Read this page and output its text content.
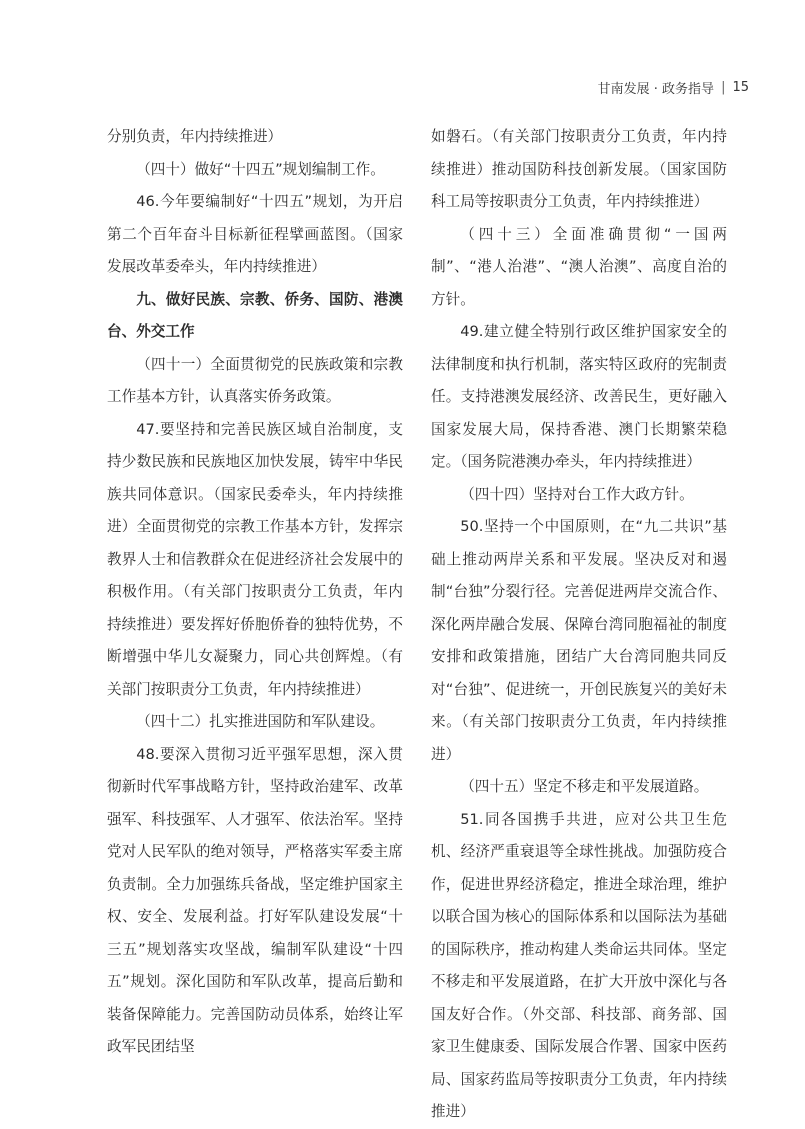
甘南发展 · 政务指导 | 15

分别负责，年内持续推进）

（四十）做好“十四五”规划编制工作。

46.今年要编制好“十四五”规划，为开启第二个百年奋斗目标新征程擘画蓝图。（国家发展改革委牵头，年内持续推进）

九、做好民族、宗教、侨务、国防、港澳台、外交工作

（四十一）全面贯彻党的民族政策和宗教工作基本方针，认真落实侨务政策。

47.要坚持和完善民族区域自治制度，支持少数民族和民族地区加快发展，铸牢中华民族共同体意识。（国家民委牵头，年内持续推进）全面贯彻党的宗教工作基本方针，发挥宗教界人士和信教群众在促进经济社会发展中的积极作用。（有关部门按职责分工负责，年内持续推进）要发挥好侨胞侨眷的独特优势，不断增强中华儿女凝聚力，同心共创辉煌。（有关部门按职责分工负责，年内持续推进）

（四十二）扎实推进国防和军队建设。

48.要深入贯彻习近平强军思想，深入贯彻新时代军事战略方针，坚持政治建军、改革强军、科技强军、人才强军、依法治军。坚持党对人民军队的绝对领导，严格落实军委主席负责制。全力加强练兵备战，坚定维护国家主权、安全、发展利益。打好军队建设发展“十三五”规划落实攻坚战，编制军队建设“十四五”规划。深化国防和军队改革，提高后勤和装备保障能力。完善国防动员体系，始终让军政军民团结坚

如磐石。（有关部门按职责分工负责，年内持续推进）推动国防科技创新发展。（国家国防科工局等按职责分工负责，年内持续推进）

（四十三）全面准确贯彻“一国两制”、“港人治港”、“澳人治澳”、高度自治的方针。

49.建立健全特别行政区维护国家安全的法律制度和执行机制，落实特区政府的宪制责任。支持港澳发展经济、改善民生，更好融入国家发展大局，保持香港、澳门长期繁荣稳定。（国务院港澳办牵头，年内持续推进）

（四十四）坚持对台工作大政方针。

50.坚持一个中国原则，在“九二共识”基础上推动两岸关系和平发展。坚决反对和遏制“台独”分裂行径。完善促进两岸交流合作、深化两岸融合发展、保障台湾同胞福祉的制度安排和政策措施，团结广大台湾同胞共同反对“台独”、促进统一，开创民族复兴的美好未来。（有关部门按职责分工负责，年内持续推进）

（四十五）坚定不移走和平发展道路。

51.同各国携手共进，应对公共卫生危机、经济严重衰退等全球性挑战。加强防疫合作，促进世界经济稳定，推进全球治理，维护以联合国为核心的国际体系和以国际法为基础的国际秩序，推动构建人类命运共同体。坚定不移走和平发展道路，在扩大开放中深化与各国友好合作。（外交部、科技部、商务部、国家卫生健康委、国际发展合作署、国家中医药局、国家药监局等按职责分工负责，年内持续推进）
